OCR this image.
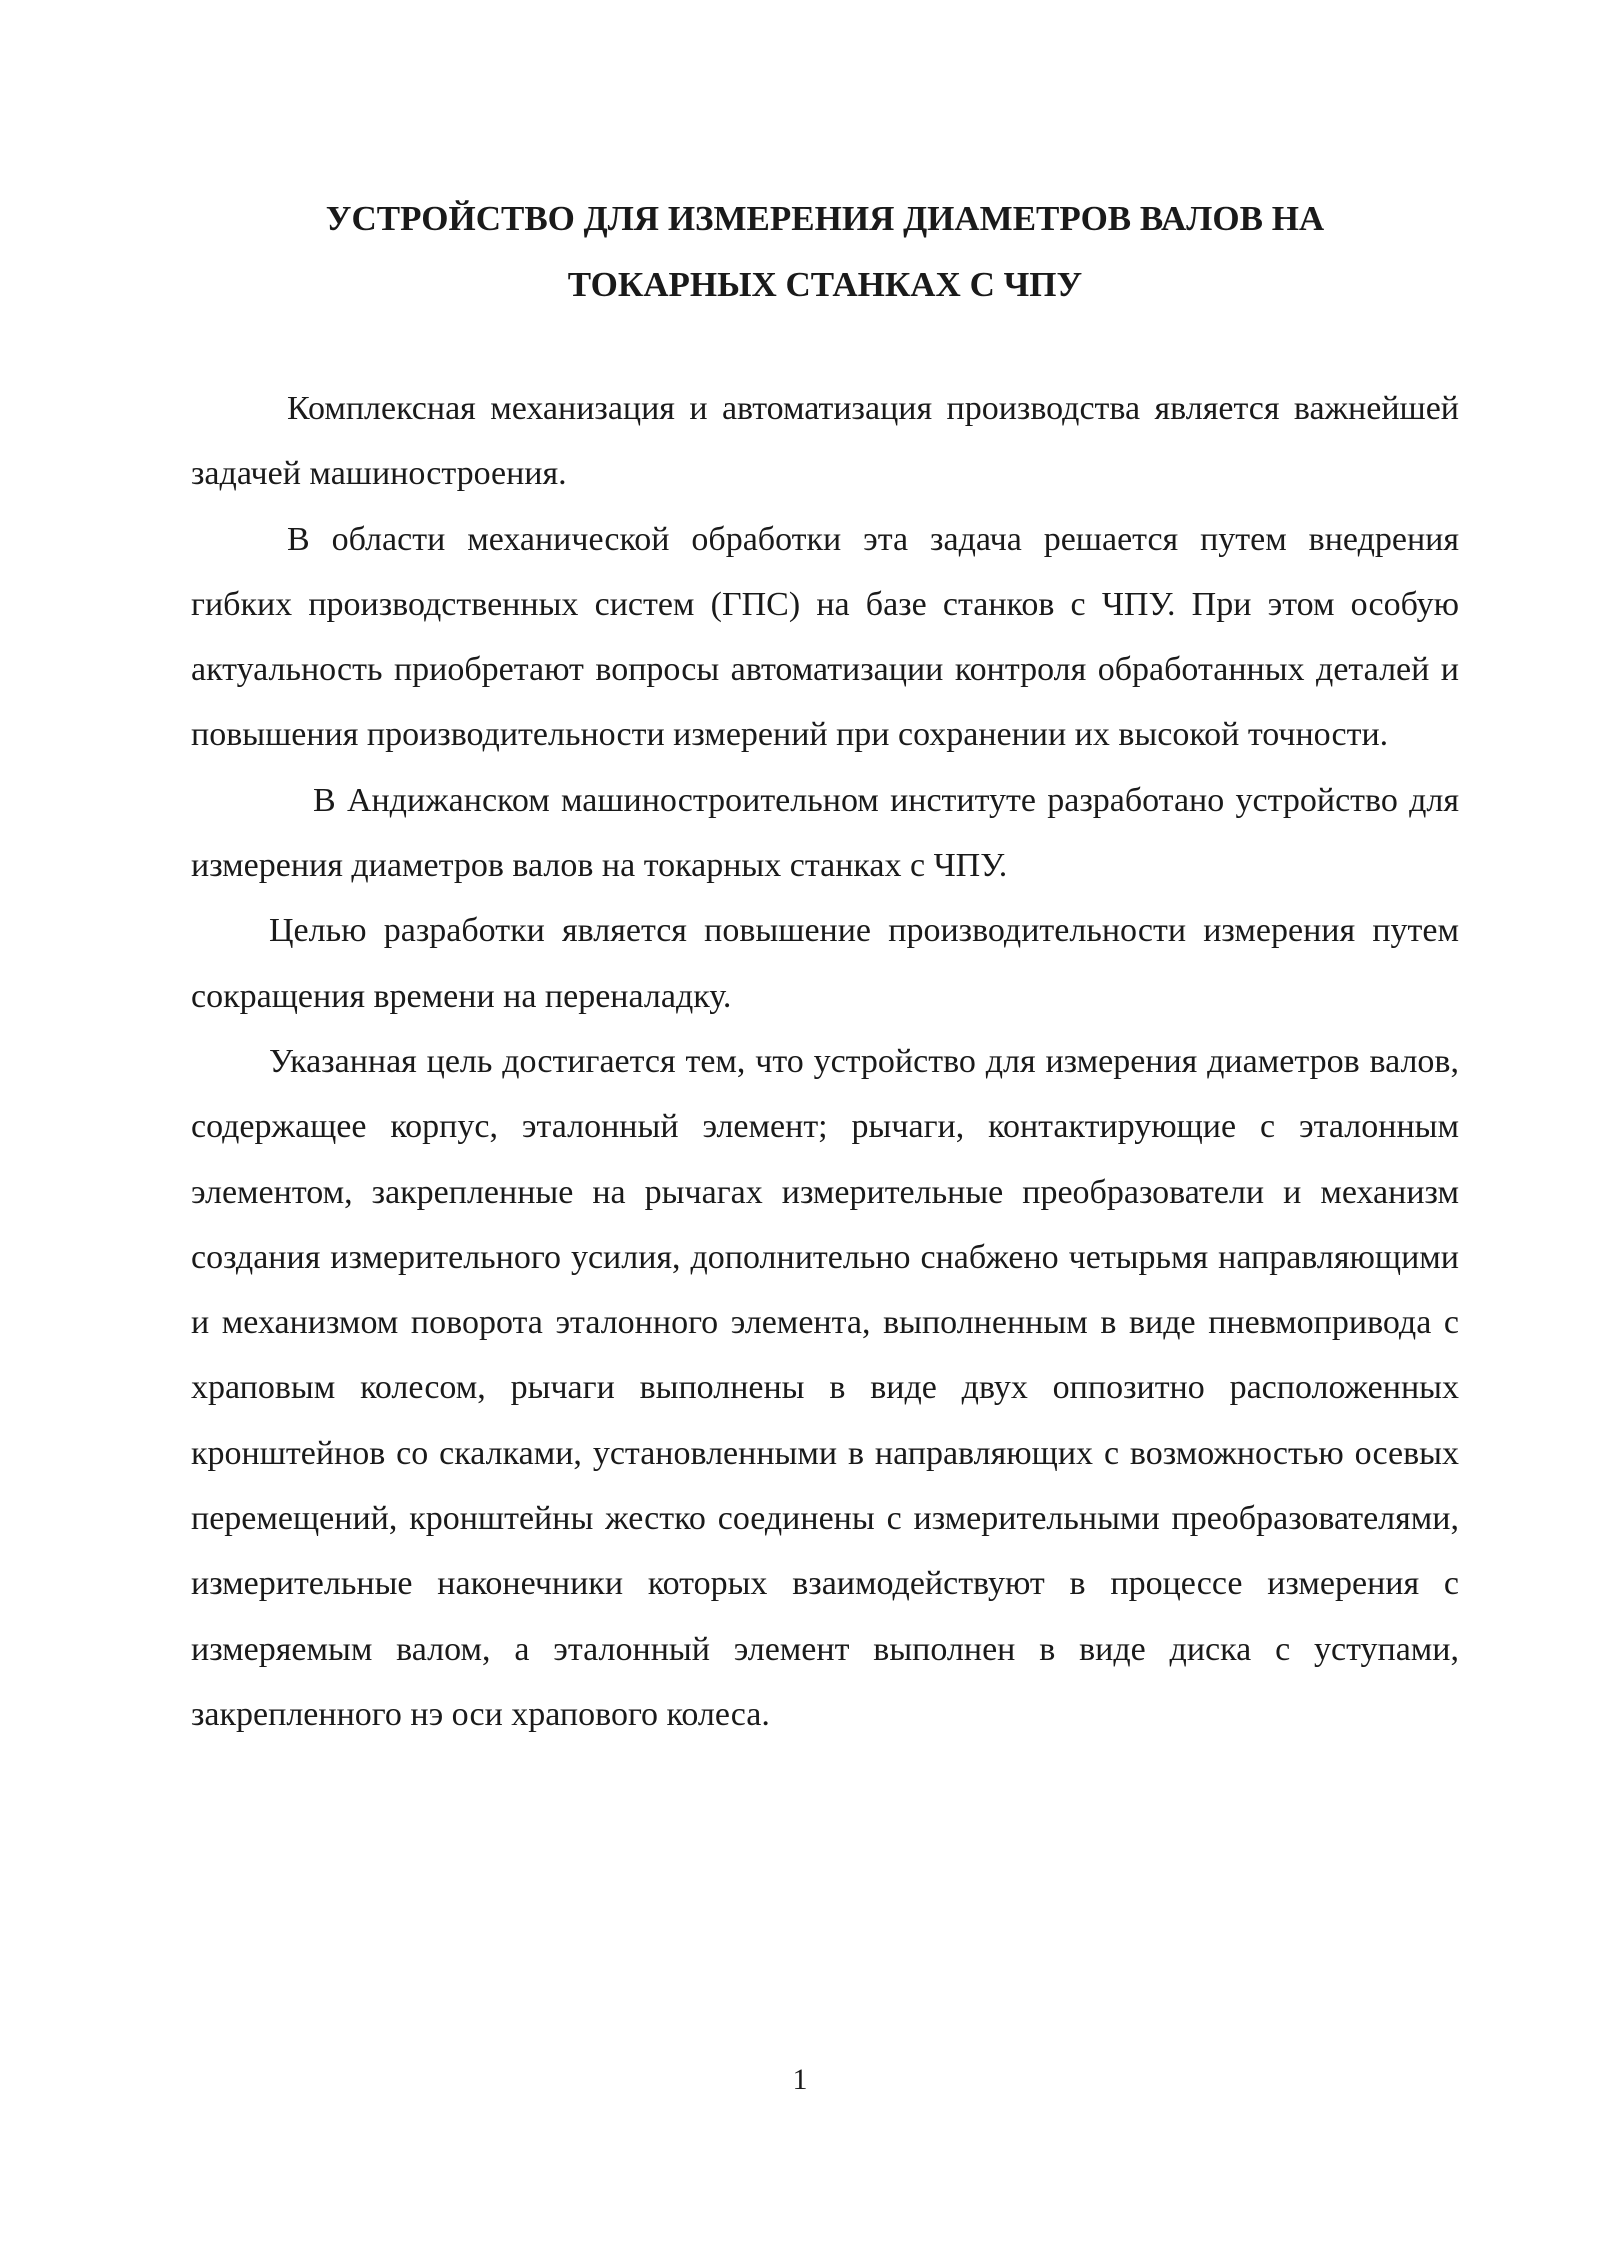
УСТРОЙСТВО ДЛЯ ИЗМЕРЕНИЯ ДИАМЕТРОВ ВАЛОВ НА
ТОКАРНЫХ СТАНКАХ С ЧПУ

Комплексная механизация и автоматизация производства является важнейшей задачей машиностроения.

В области механической обработки эта задача решается путем внедрения гибких производственных систем (ГПС) на базе станков с ЧПУ. При этом особую актуальность приобретают вопросы автоматизации контроля обработанных деталей и повышения производительности измерений при сохранении их высокой точности.

В Андижанском машиностроительном институте разработано устройство для измерения диаметров валов на токарных станках с ЧПУ.

Целью разработки является повышение производительности измерения путем сокращения времени на переналадку.

Указанная цель достигается тем, что устройство для измерения диаметров валов, содержащее корпус, эталонный элемент; рычаги, контактирующие с эталонным элементом, закрепленные на рычагах измерительные преобразователи и механизм создания измерительного усилия, дополнительно снабжено четырьмя направляющими и механизмом поворота эталонного элемента, выполненным в виде пневмопривода с храповым колесом, рычаги выполнены в виде двух оппозитно расположенных кронштейнов со скалками, установленными в направляющих с возможностью осевых перемещений, кронштейны жестко соединены с измерительными преобразователями, измерительные наконечники которых взаимодействуют в процессе измерения с измеряемым валом, а эталонный элемент выполнен в виде диска с уступами, закрепленного нэ оси храпового колеса.

1
